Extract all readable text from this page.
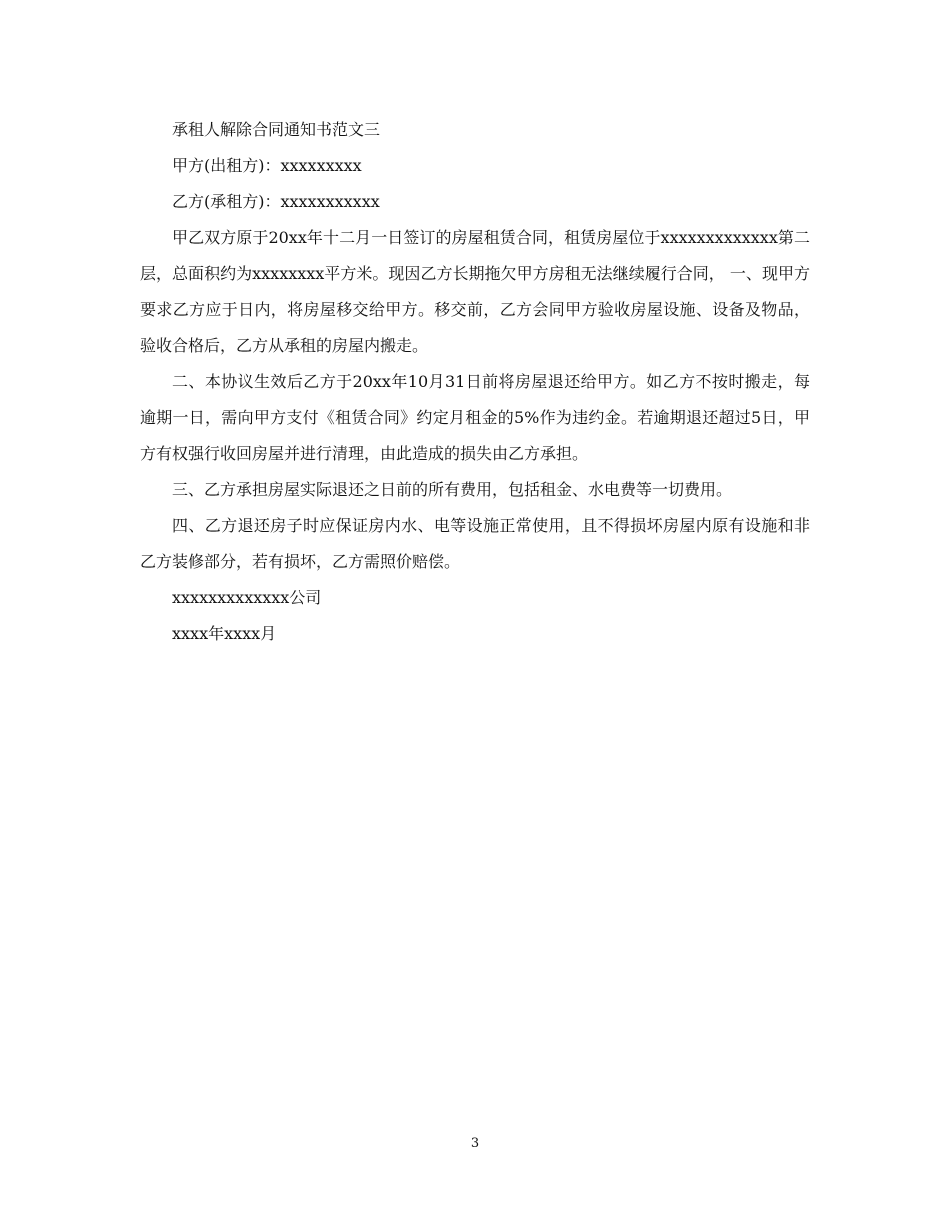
承租人解除合同通知书范文三

甲方(出租方)：xxxxxxxxx

乙方(承租方)：xxxxxxxxxxx

甲乙双方原于20xx年十二月一日签订的房屋租赁合同，租赁房屋位于xxxxxxxxxxxxx第二层，总面积约为xxxxxxxx平方米。现因乙方长期拖欠甲方房租无法继续履行合同， 一、现甲方要求乙方应于日内，将房屋移交给甲方。移交前，乙方会同甲方验收房屋设施、设备及物品，验收合格后，乙方从承租的房屋内搬走。

二、本协议生效后乙方于20xx年10月31日前将房屋退还给甲方。如乙方不按时搬走，每逾期一日，需向甲方支付《租赁合同》约定月租金的5%作为违约金。若逾期退还超过5日，甲方有权强行收回房屋并进行清理，由此造成的损失由乙方承担。

三、乙方承担房屋实际退还之日前的所有费用，包括租金、水电费等一切费用。

四、乙方退还房子时应保证房内水、电等设施正常使用，且不得损坏房屋内原有设施和非乙方装修部分，若有损坏，乙方需照价赔偿。

xxxxxxxxxxxxx公司

xxxx年xxxx月

3
